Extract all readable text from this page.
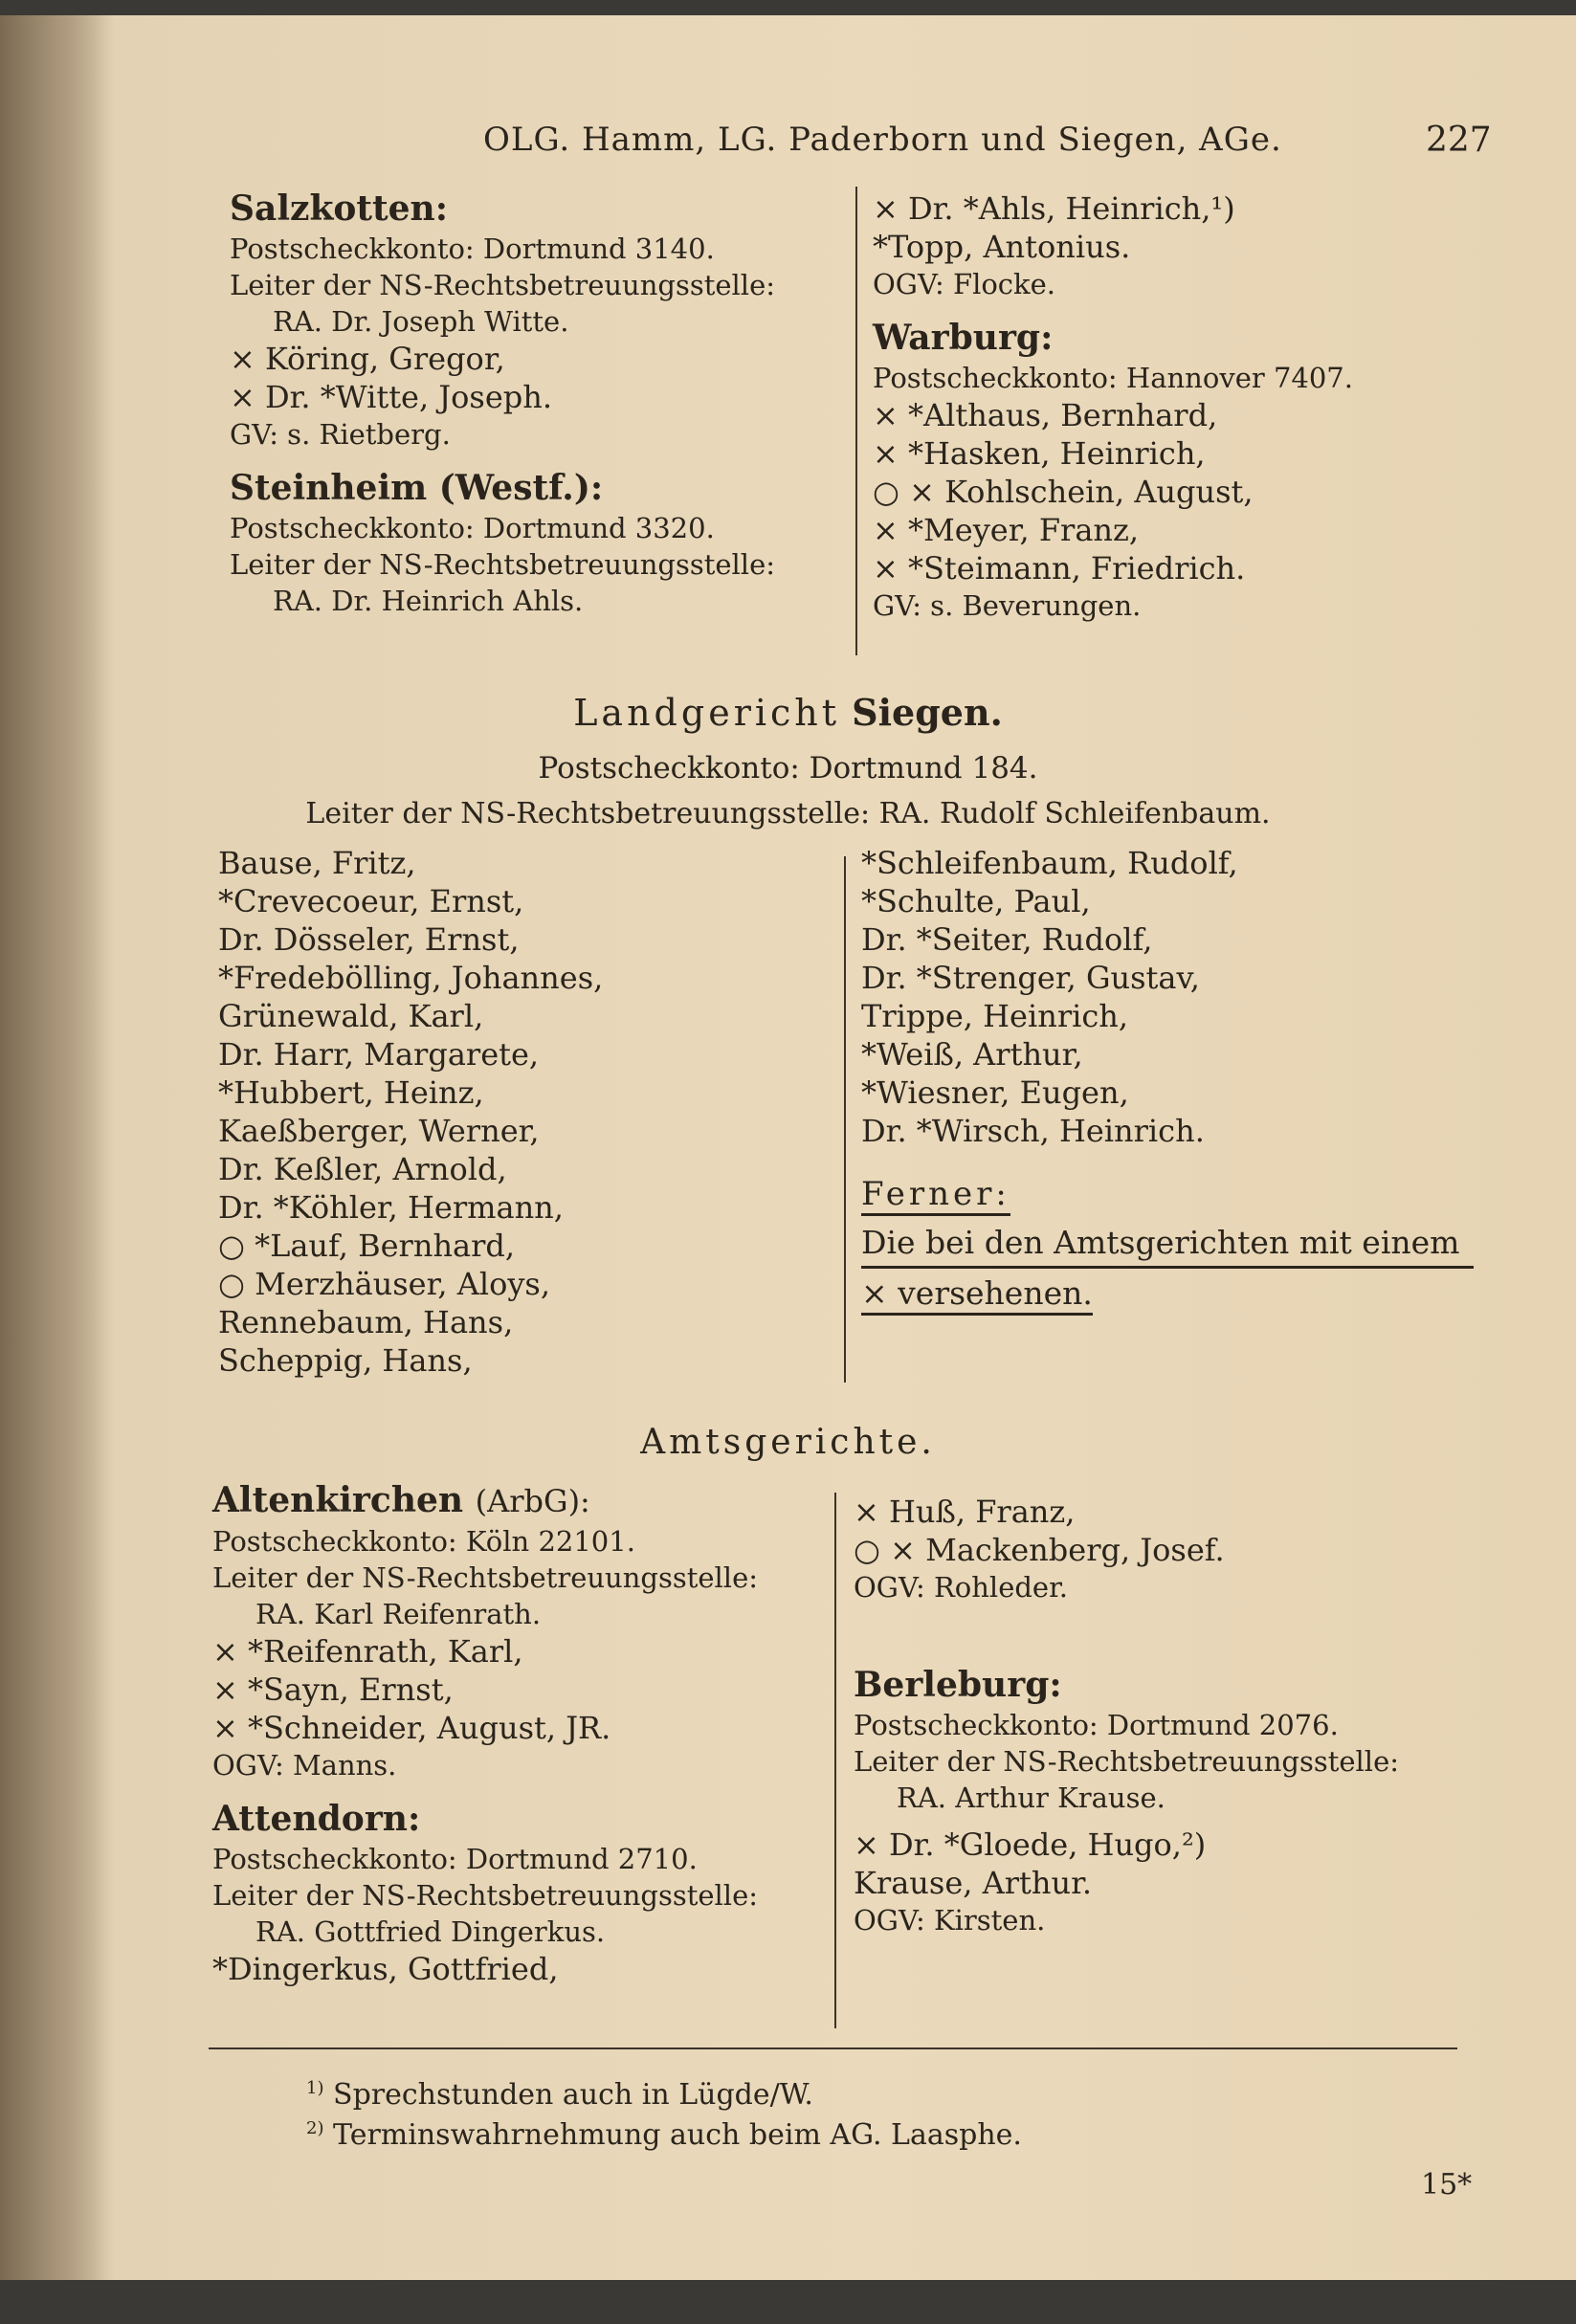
OLG. Hamm, LG. Paderborn und Siegen, AGe.	227
Salzkotten:
Postscheckkonto: Dortmund 3140.
Leiter der NS-Rechtsbetreuungsstelle:
RA. Dr. Joseph Witte.
× Köring, Gregor,
× Dr. *Witte, Joseph.
GV: s. Rietberg.
Steinheim (Westf.):
Postscheckkonto: Dortmund 3320.
Leiter der NS-Rechtsbetreuungsstelle:
RA. Dr. Heinrich Ahls.
× Dr. *Ahls, Heinrich,¹)
*Topp, Antonius.
OGV: Flocke.
Warburg:
Postscheckkonto: Hannover 7407.
× *Althaus, Bernhard,
× *Hasken, Heinrich,
○ × Kohlschein, August,
× *Meyer, Franz,
× *Steimann, Friedrich.
GV: s. Beverungen.
Landgericht Siegen.
Postscheckkonto: Dortmund 184.
Leiter der NS-Rechtsbetreuungsstelle: RA. Rudolf Schleifenbaum.
Bause, Fritz,
*Crevecoeur, Ernst,
Dr. Dösseler, Ernst,
*Fredebölling, Johannes,
Grünewald, Karl,
Dr. Harr, Margarete,
*Hubbert, Heinz,
Kaeßberger, Werner,
Dr. Keßler, Arnold,
Dr. *Köhler, Hermann,
○ *Lauf, Bernhard,
○ Merzhäuser, Aloys,
Rennebaum, Hans,
Scheppig, Hans,
*Schleifenbaum, Rudolf,
*Schulte, Paul,
Dr. *Seiter, Rudolf,
Dr. *Strenger, Gustav,
Trippe, Heinrich,
*Weiß, Arthur,
*Wiesner, Eugen,
Dr. *Wirsch, Heinrich.
Ferner:
Die bei den Amtsgerichten mit einem
× versehenen.
Amtsgerichte.
Altenkirchen (ArbG):
Postscheckkonto: Köln 22101.
Leiter der NS-Rechtsbetreuungsstelle:
RA. Karl Reifenrath.
× *Reifenrath, Karl,
× *Sayn, Ernst,
× *Schneider, August, JR.
OGV: Manns.
Attendorn:
Postscheckkonto: Dortmund 2710.
Leiter der NS-Rechtsbetreuungsstelle:
RA. Gottfried Dingerkus.
*Dingerkus, Gottfried,
× Huß, Franz,
○ × Mackenberg, Josef.
OGV: Rohleder.
Berleburg:
Postscheckkonto: Dortmund 2076.
Leiter der NS-Rechtsbetreuungsstelle:
RA. Arthur Krause.
× Dr. *Gloede, Hugo,²)
Krause, Arthur.
OGV: Kirsten.
$^{1)}$ Sprechstunden auch in Lügde/W.
$^{2)}$ Terminswahrnehmung auch beim AG. Laasphe.
15*
